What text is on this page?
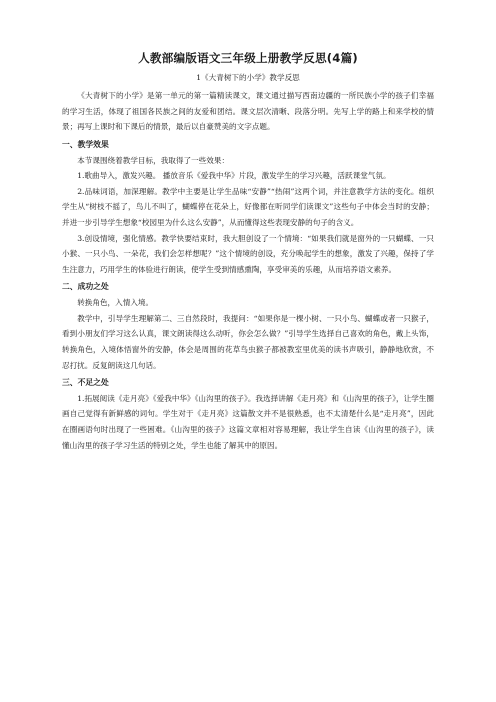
人教部编版语文三年级上册教学反思(4篇)
1《大青树下的小学》教学反思

《大青树下的小学》是第一单元的第一篇精读课文，课文通过描写西南边疆的一所民族小学的孩子们幸福的学习生活，体现了祖国各民族之间的友爱和团结。课文层次清晰、段落分明。先写上学的路上和来学校的情景；再写上课时和下课后的情景，最后以自豪赞美的文字点题。

一、教学效果

本节课围绕着教学目标，我取得了一些效果：

1.歌曲导入，激发兴趣。 播放音乐《爱我中华》片段，激发学生的学习兴趣，活跃课堂气氛。

2.品味词语，加深理解。教学中主要是让学生品味“安静”“热闹”这两个词，并注意教学方法的变化。组织学生从“树枝不摇了，鸟儿不叫了，蝴蝶停在花朵上，好像都在听同学们读课文”这些句子中体会当时的安静；并进一步引导学生想象“校园里为什么这么安静”，从而懂得这些表现安静的句子的含义。

3.创设情境，强化情感。教学快要结束时，我大胆创设了一个情境：“如果我们就是窗外的一只蝴蝶、一只小猴、一只小鸟、一朵花，我们会怎样想呢？”这个情境的创设，充分唤起学生的想象，激发了兴趣，保持了学生注意力，巧用学生的体验进行朗读，使学生受到情感熏陶，享受审美的乐趣，从而培养语文素养。

二、成功之处

转换角色，入情入境。

教学中，引导学生理解第二、三自然段时，我提问：“如果你是一棵小树、一只小鸟、蝴蝶或者一只猴子，看到小朋友们学习这么认真，课文朗读得这么动听，你会怎么做？”引导学生选择自己喜欢的角色，戴上头饰，转换角色，入境体悟窗外的安静，体会是周围的花草鸟虫猴子都被教室里优美的读书声吸引，静静地欣赏，不忍打扰。反复朗读这几句话。

三、不足之处

1.拓展阅读《走月亮》《爱我中华》《山沟里的孩子》。我选择讲解《走月亮》和《山沟里的孩子》，让学生圈画自己觉得有新鲜感的词句。学生对于《走月亮》这篇散文并不是很熟悉，也不太清楚什么是“走月亮”，因此在圈画语句时出现了一些困难。《山沟里的孩子》这篇文章相对容易理解，我让学生自读《山沟里的孩子》，读懂山沟里的孩子学习生活的特别之处，学生也能了解其中的原因。
